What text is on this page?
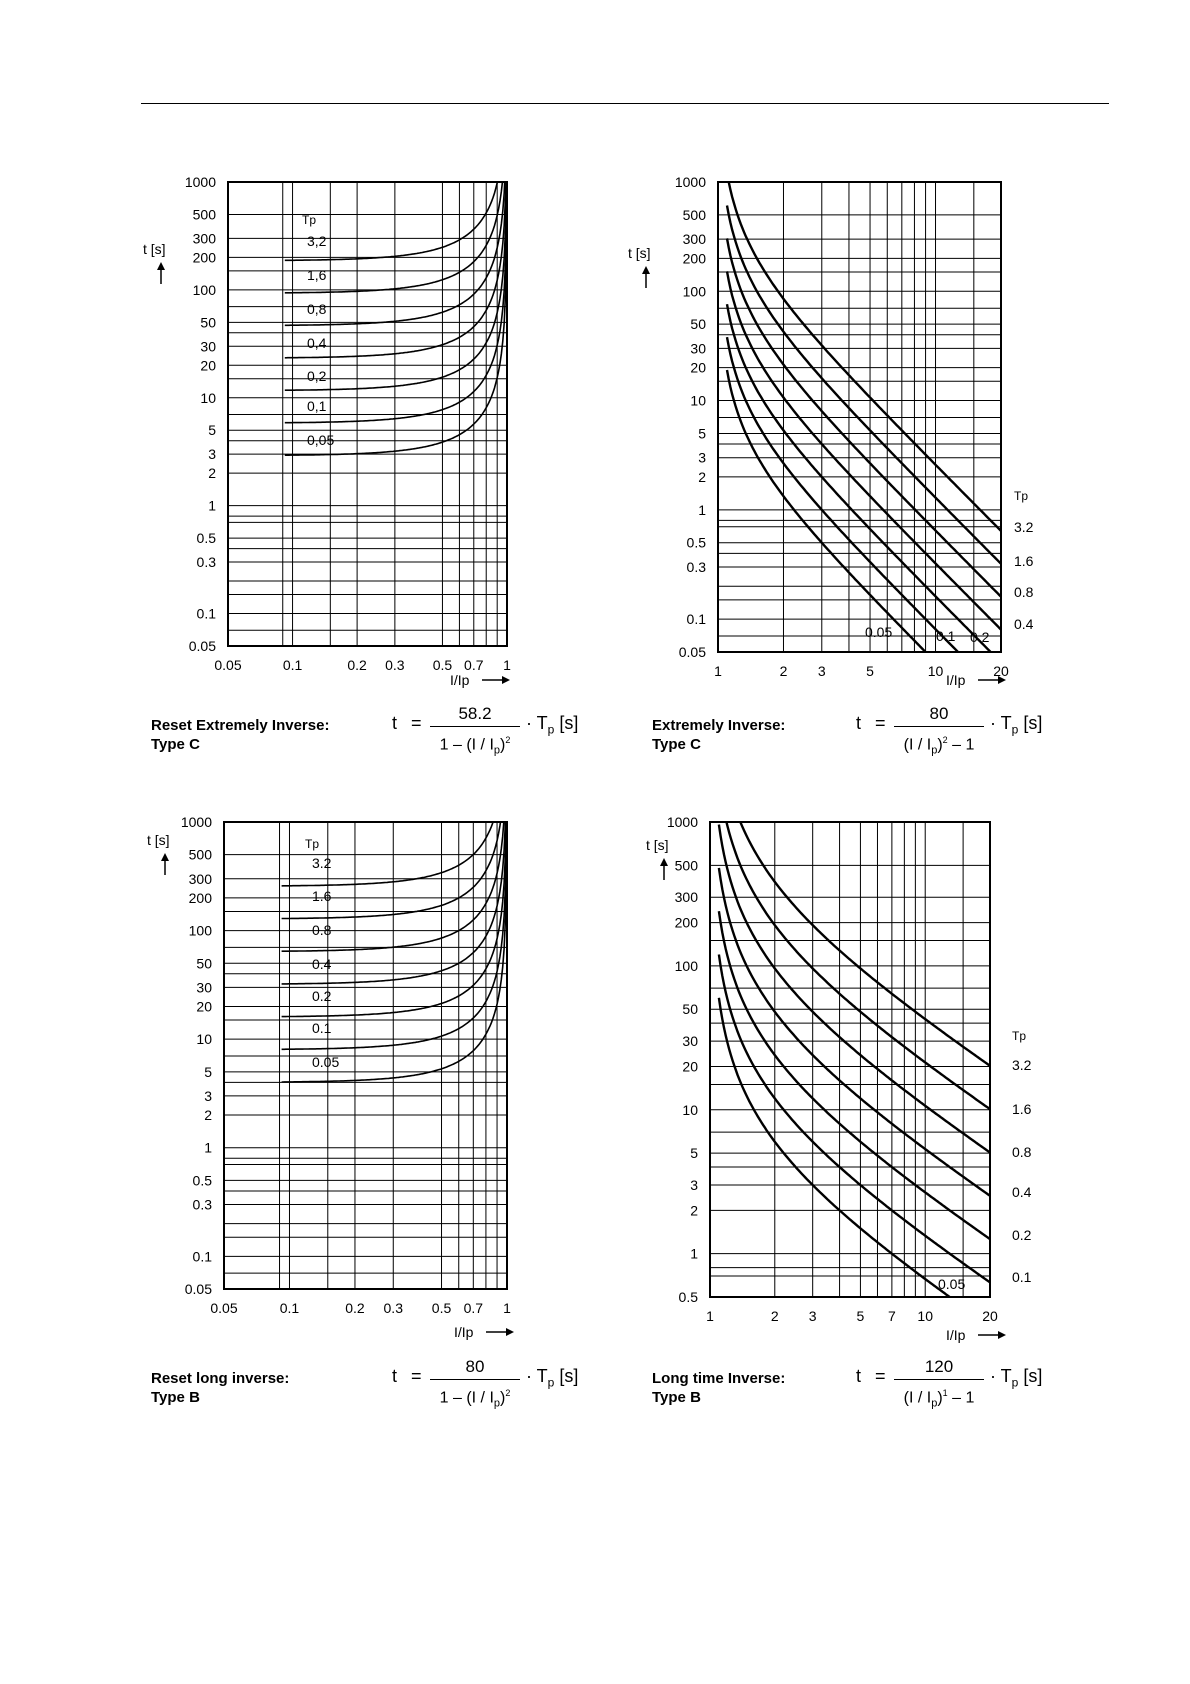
1000
500
300
200
100
50
30
20
10
5
3
2
1
0.5
0.3
0.1
0.05
0.05	0.1	0.2 0.3 0.5 0.7 1
t [s]
I/Ip
Tp
3,2
1,6
0,8
0,4
0,2
0,1
0,05
1000
500
300
200
100
50
30
20
10
5
3
2
1
0.5
0.3
0.1
0.05
1	2 3	5	10	20
t [s]
I/Ip
Tp
3.2
1.6
0.8
0.4
0.05	0.1 0.2
1000
500
300
200
100
50
30
20
10
5
3
2
1
0.5
0.3
0.1
0.05
0.05	0.1	0.2 0.3 0.5 0.7 1
t [s]
I/Ip
Tp
3.2
1.6
0.8
0.4
0.2
0.1
0.05
1000
500
300
200
100
50
30
20
10
5
3
2
1
0.5
1	2 3	5 7 10	20
t [s]
I/Ip
Tp
3.2
1.6
0.8
0.4
0.2
0.1
0.05
Reset Extremely Inverse:
Type C
Extremely Inverse:
Type C
Reset long inverse:
Type B
Long time Inverse:
Type B
t =	58.2
$1 - (I / I_p)^2$
· $T_p$ [s]	t =	80
$(I / I_p)^2 - 1$
· $T_p$ [s]
t =	80
$1 - (I / I_p)^2$
· $T_p$ [s]	t =	120
$(I / I_p)^1 - 1$
· $T_p$ [s]
